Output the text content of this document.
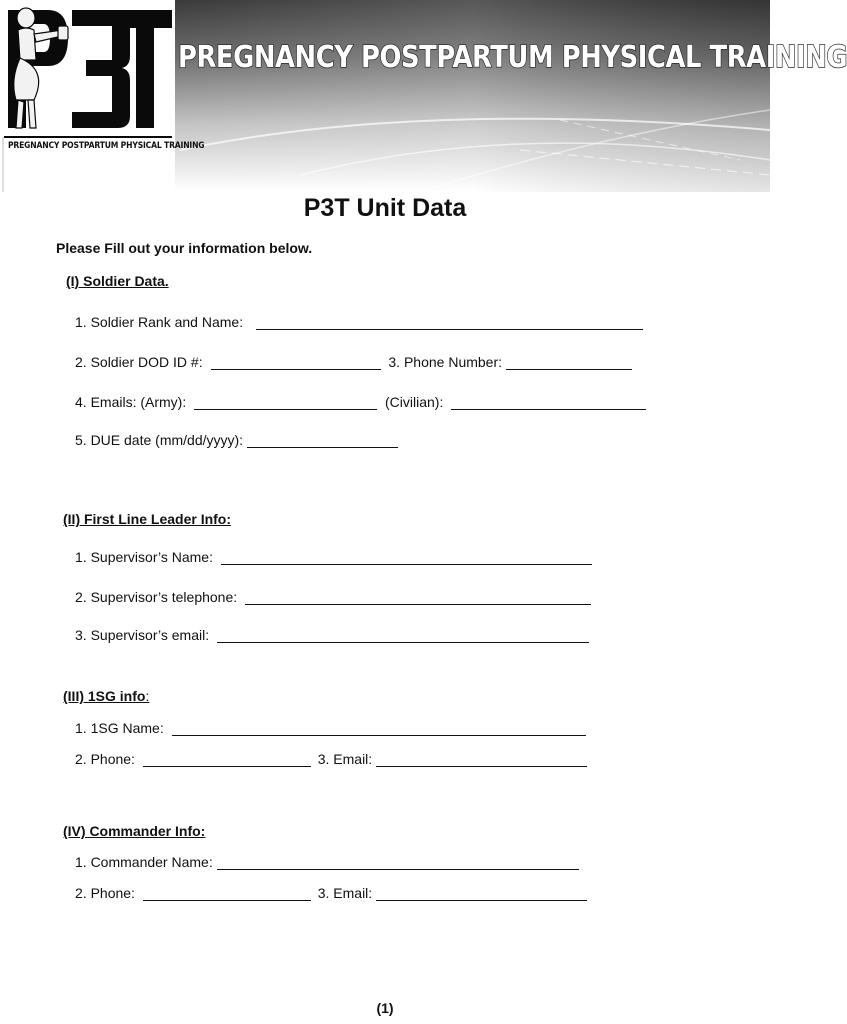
PREGNANCY POSTPARTUM PHYSICAL TRAINING
PREGNANCY POSTPARTUM PHYSICAL TRAINING
P3T Unit Data
Please Fill out your information below.
(I) Soldier Data.
1. Soldier Rank and Name:
2. Soldier DOD ID #:	3. Phone Number:
4. Emails: (Army):	(Civilian):
5. DUE date (mm/dd/yyyy):
(II) First Line Leader Info:
1. Supervisor’s Name:
2. Supervisor’s telephone:
3. Supervisor’s email:
(III) 1SG info:
1. 1SG Name:
2. Phone:	3. Email:
(IV) Commander Info:
1. Commander Name:
2. Phone:	3. Email:
(1)
